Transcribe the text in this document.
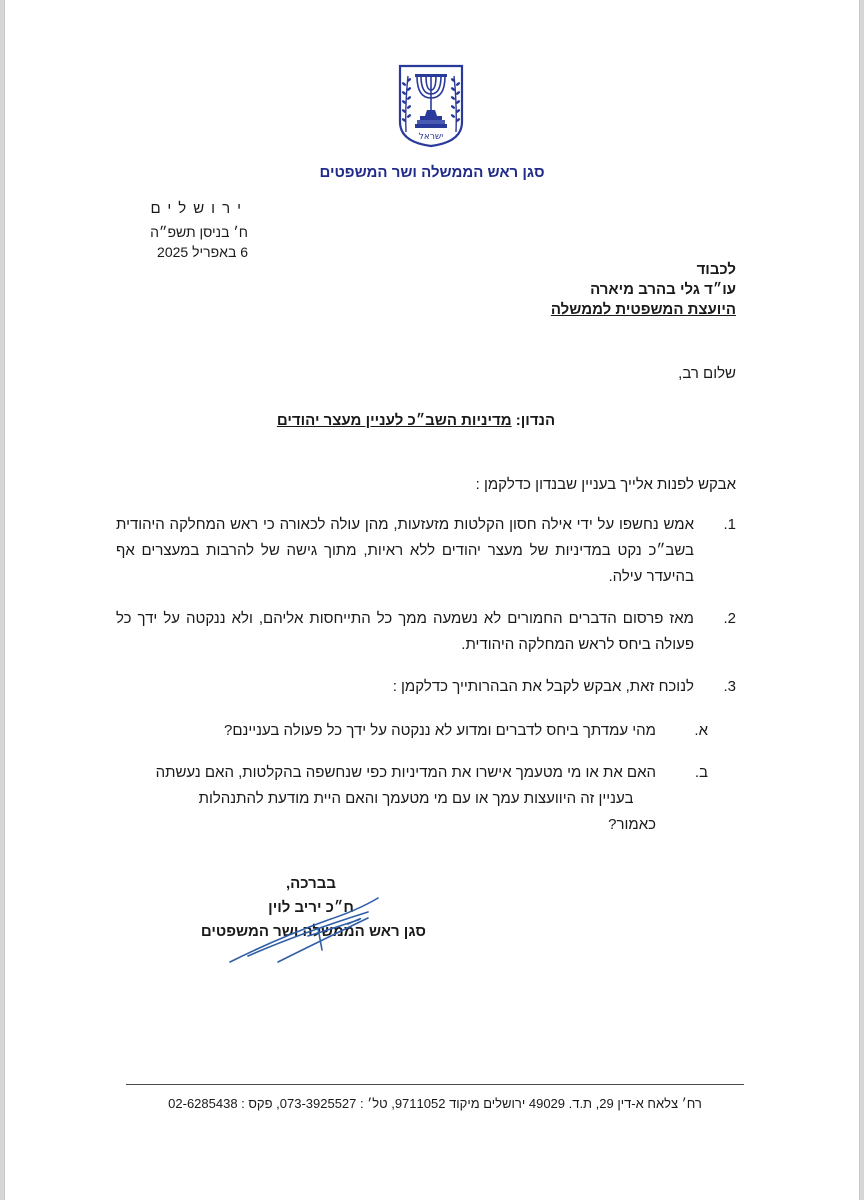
ישראל
סגן ראש הממשלה ושר המשפטים
ירושלים
ח׳ בניסן תשפ״ה
6 באפריל 2025
לכבוד
עו״ד גלי בהרב מיארה
היועצת המשפטית לממשלה
שלום רב,
הנדון: מדיניות השב״כ לעניין מעצר יהודים
אבקש לפנות אלייך בעניין שבנדון כדלקמן :
1.
אמש נחשפו על ידי אילה חסון הקלטות מזעזעות, מהן עולה לכאורה כי ראש המחלקה היהודית בשב״כ נקט במדיניות של מעצר יהודים ללא ראיות, מתוך גישה של להרבות במעצרים אף בהיעדר עילה.
2.
מאז פרסום הדברים החמורים לא נשמעה ממך כל התייחסות אליהם, ולא ננקטה על ידך כל פעולה ביחס לראש המחלקה היהודית.
3.
לנוכח זאת, אבקש לקבל את הבהרותייך כדלקמן :
א.
מהי עמדתך ביחס לדברים ומדוע לא ננקטה על ידך כל פעולה בעניינם?
ב.
האם את או מי מטעמך אישרו את המדיניות כפי שנחשפה בהקלטות, האם נעשתה
בעניין זה היוועצות עמך או עם מי מטעמך והאם היית מודעת להתנהלות כאמור?
בברכה,
ח״כ יריב לוין
סגן ראש הממשלה ושר המשפטים
רח׳ צלאח א-דין 29, ת.ד. 49029 ירושלים מיקוד 9711052, טל׳ : 073-3925527, פקס : 02-6285438
